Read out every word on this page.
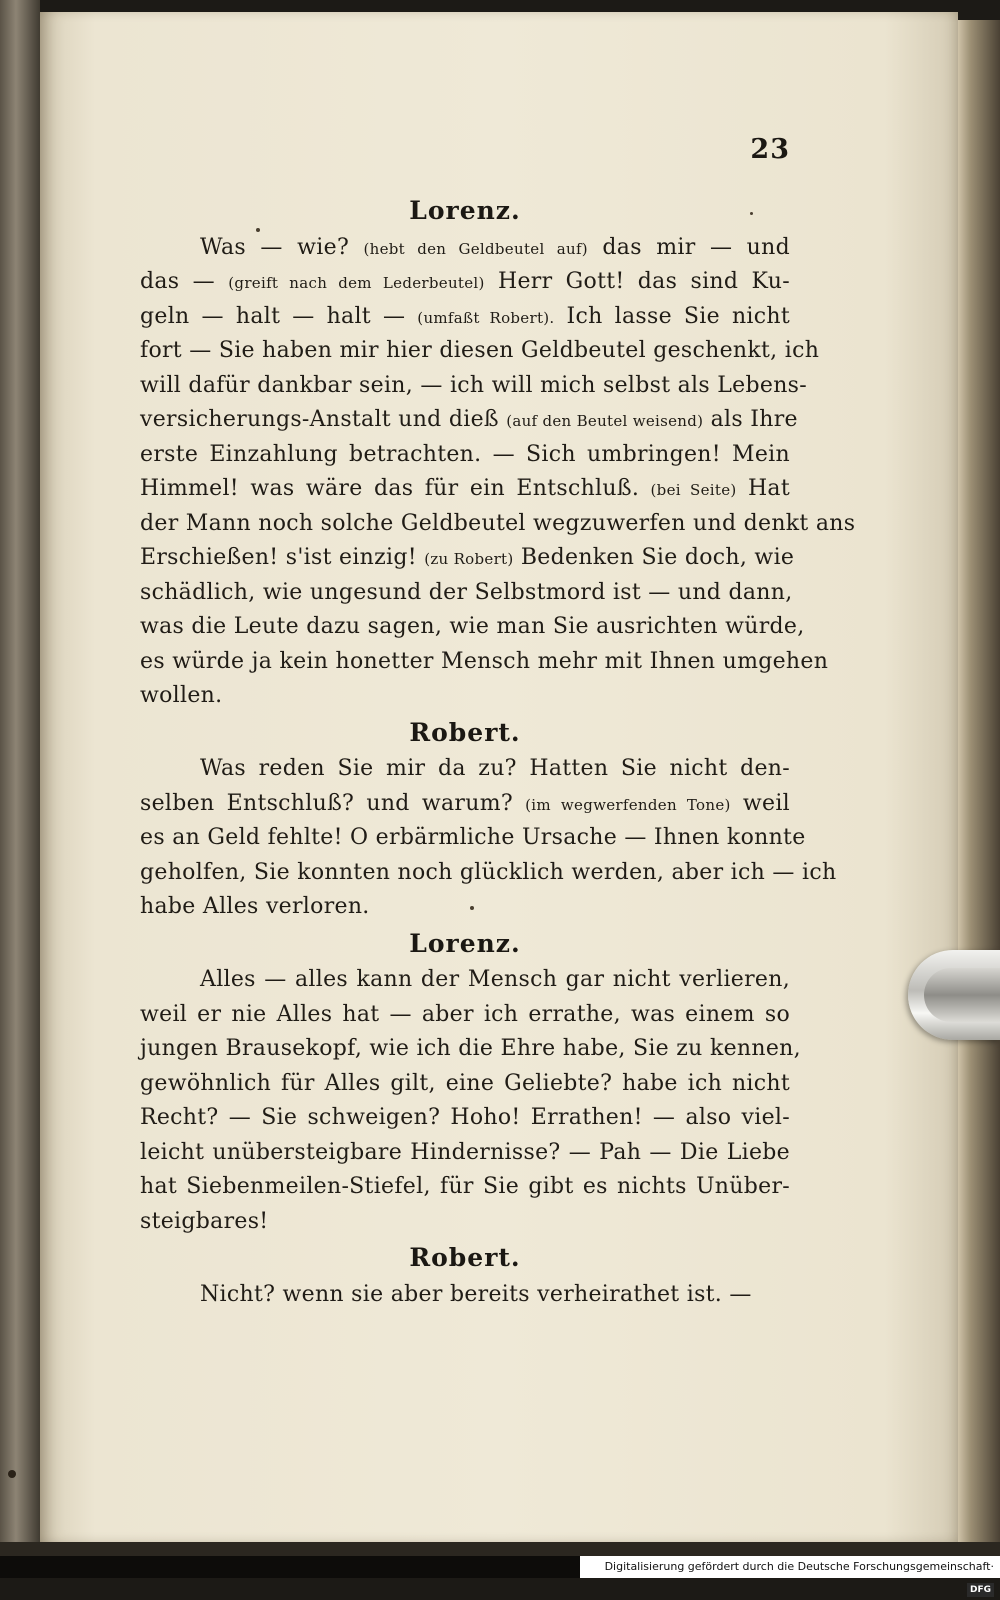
23
Lorenz.
Was — wie? (hebt den Geldbeutel auf) das mir — und
das — (greift nach dem Lederbeutel) Herr Gott! das sind Ku-
geln — halt — halt — (umfaßt Robert). Ich lasse Sie nicht
fort — Sie haben mir hier diesen Geldbeutel geschenkt, ich
will dafür dankbar sein, — ich will mich selbst als Lebens-
versicherungs-Anstalt und dieß (auf den Beutel weisend) als Ihre
erste Einzahlung betrachten. — Sich umbringen! Mein
Himmel! was wäre das für ein Entschluß. (bei Seite) Hat
der Mann noch solche Geldbeutel wegzuwerfen und denkt ans
Erschießen! s'ist einzig! (zu Robert) Bedenken Sie doch, wie
schädlich, wie ungesund der Selbstmord ist — und dann,
was die Leute dazu sagen, wie man Sie ausrichten würde,
es würde ja kein honetter Mensch mehr mit Ihnen umgehen
wollen.
Robert.
Was reden Sie mir da zu? Hatten Sie nicht den-
selben Entschluß? und warum? (im wegwerfenden Tone) weil
es an Geld fehlte! O erbärmliche Ursache — Ihnen konnte
geholfen, Sie konnten noch glücklich werden, aber ich — ich
habe Alles verloren.
Lorenz.
Alles — alles kann der Mensch gar nicht verlieren,
weil er nie Alles hat — aber ich errathe, was einem so
jungen Brausekopf, wie ich die Ehre habe, Sie zu kennen,
gewöhnlich für Alles gilt, eine Geliebte? habe ich nicht
Recht? — Sie schweigen? Hoho! Errathen! — also viel-
leicht unübersteigbare Hindernisse? — Pah — Die Liebe
hat Siebenmeilen-Stiefel, für Sie gibt es nichts Unüber-
steigbares!
Robert.
Nicht? wenn sie aber bereits verheirathet ist. —
Digitalisierung gefördert durch die Deutsche Forschungsgemeinschaft·DFG
